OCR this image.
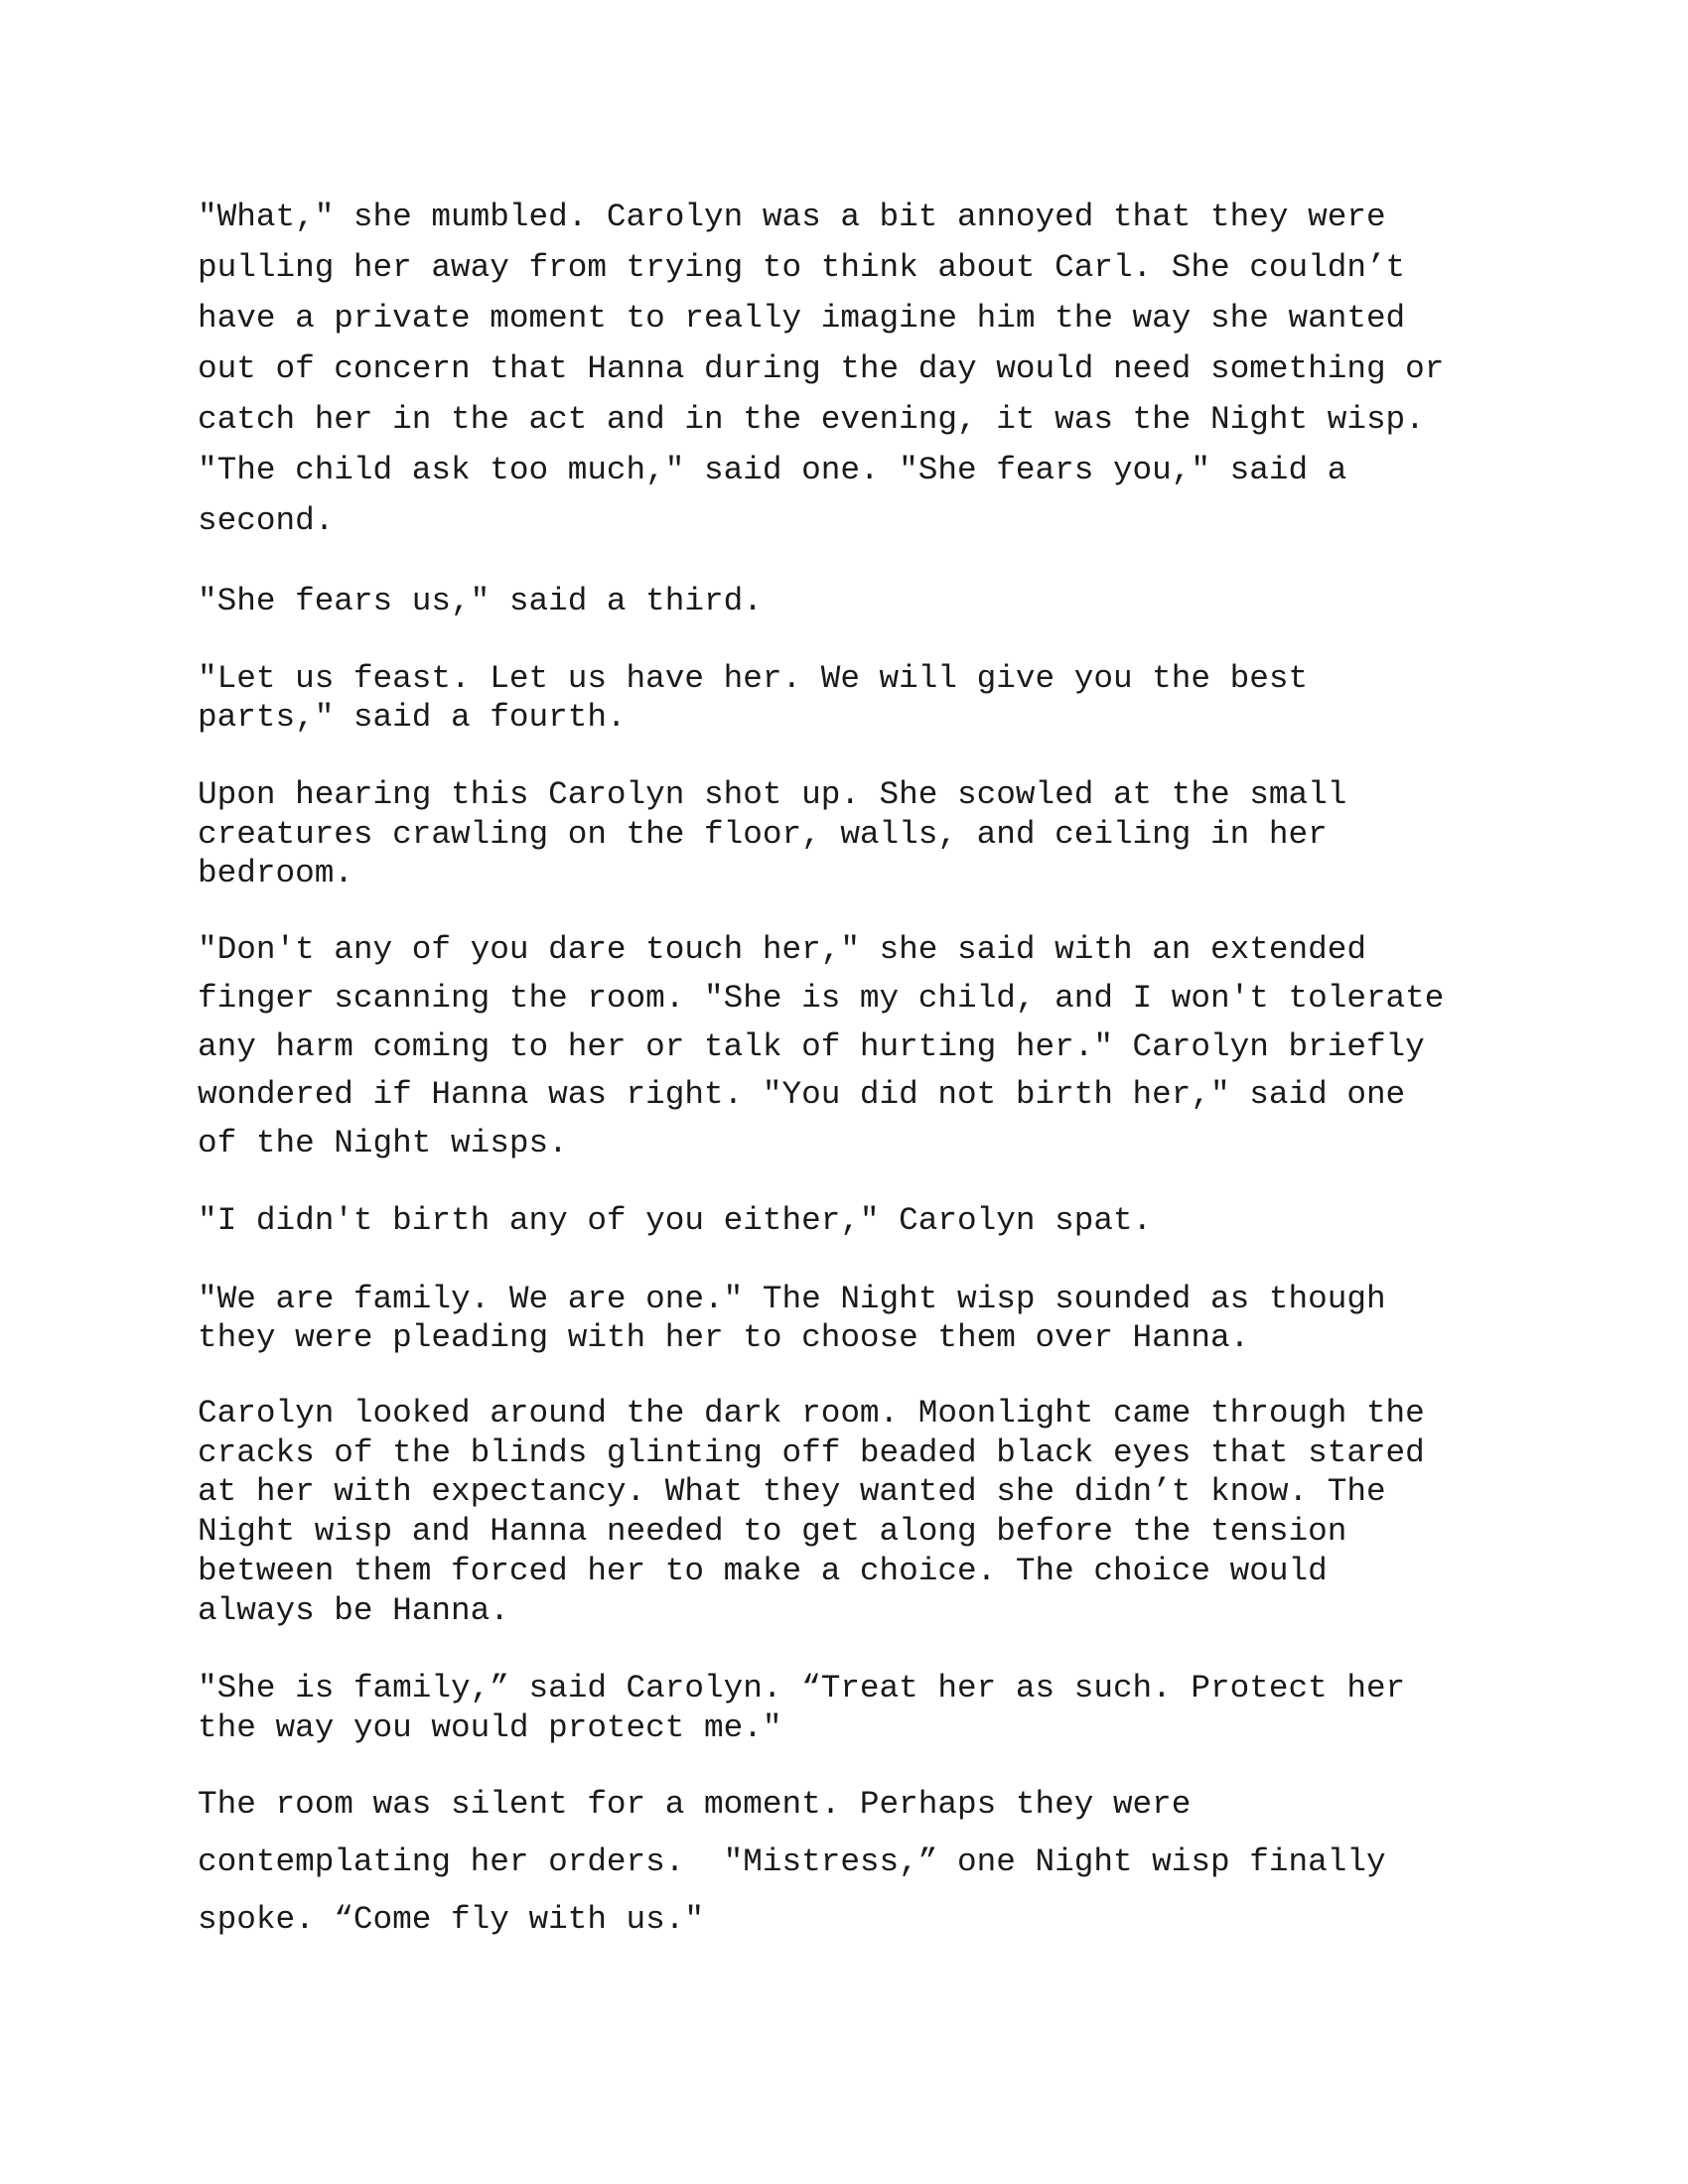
"What," she mumbled. Carolyn was a bit annoyed that they were

pulling her away from trying to think about Carl. She couldn’t

have a private moment to really imagine him the way she wanted

out of concern that Hanna during the day would need something or

catch her in the act and in the evening, it was the Night wisp.

"The child ask too much," said one. "She fears you," said a

second.

"She fears us," said a third.

"Let us feast. Let us have her. We will give you the best

parts," said a fourth.

Upon hearing this Carolyn shot up. She scowled at the small

creatures crawling on the floor, walls, and ceiling in her

bedroom.

"Don't any of you dare touch her," she said with an extended

finger scanning the room. "She is my child, and I won't tolerate

any harm coming to her or talk of hurting her." Carolyn briefly

wondered if Hanna was right. "You did not birth her," said one

of the Night wisps.

"I didn't birth any of you either," Carolyn spat.

"We are family. We are one." The Night wisp sounded as though

they were pleading with her to choose them over Hanna.

Carolyn looked around the dark room. Moonlight came through the

cracks of the blinds glinting off beaded black eyes that stared

at her with expectancy. What they wanted she didn’t know. The

Night wisp and Hanna needed to get along before the tension

between them forced her to make a choice. The choice would

always be Hanna.

"She is family,” said Carolyn. “Treat her as such. Protect her

the way you would protect me."

The room was silent for a moment. Perhaps they were

contemplating her orders.  "Mistress,” one Night wisp finally

spoke. “Come fly with us."
